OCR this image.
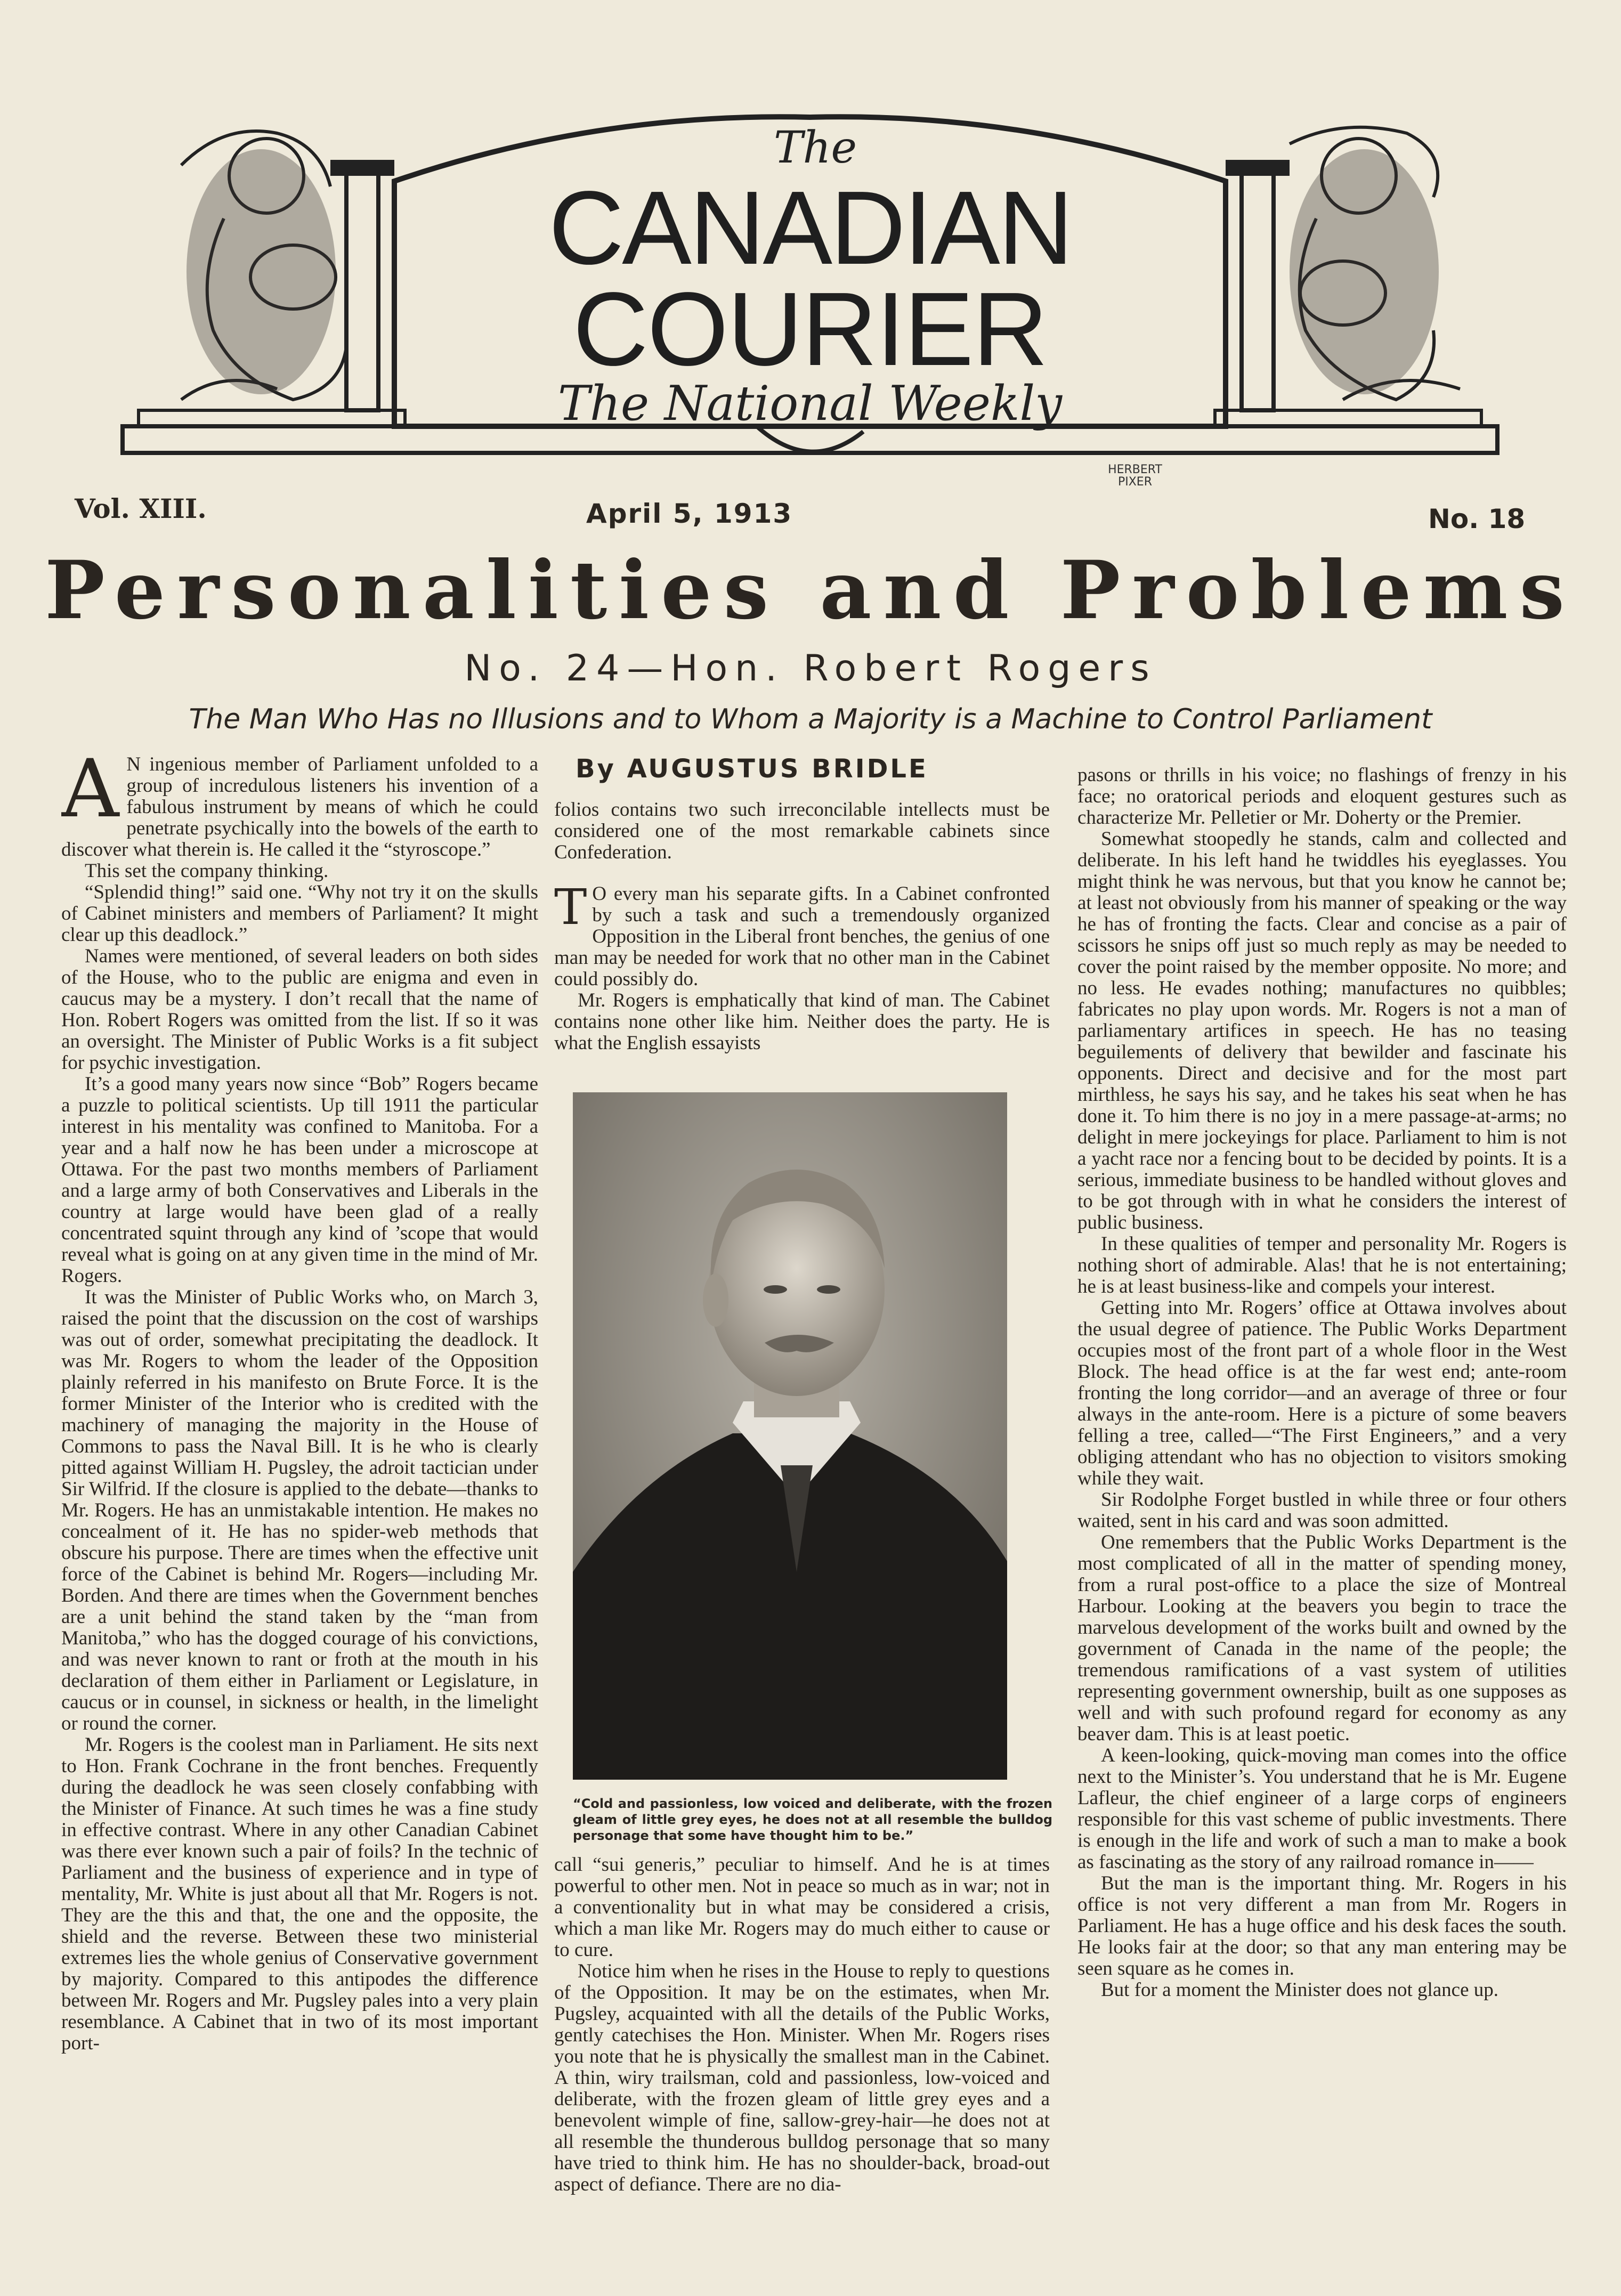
The
CANADIAN
COURIER
The National Weekly
HERBERT PIXER
Vol. XIII.	April 5, 1913	No. 18
Personalities and Problems
No. 24—Hon. Robert Rogers
The Man Who Has no Illusions and to Whom a Majority is a Machine to Control Parliament
By AUGUSTUS BRIDLE

A N ingenious member of Parliament unfolded to a group of incredulous listeners his invention of a fabulous instrument by means of which he could penetrate psychically into the bowels of the earth to discover what therein is. He called it the “styroscope.”

This set the company thinking.

“Splendid thing!” said one. “Why not try it on the skulls of Cabinet ministers and members of Parliament? It might clear up this deadlock.”

Names were mentioned, of several leaders on both sides of the House, who to the public are enigma and even in caucus may be a mystery. I don’t recall that the name of Hon. Robert Rogers was omitted from the list. If so it was an oversight. The Minister of Public Works is a fit subject for psychic investigation.

It’s a good many years now since “Bob” Rogers became a puzzle to political scientists. Up till 1911 the particular interest in his mentality was confined to Manitoba. For a year and a half now he has been under a microscope at Ottawa. For the past two months members of Parliament and a large army of both Conservatives and Liberals in the country at large would have been glad of a really concentrated squint through any kind of ’scope that would reveal what is going on at any given time in the mind of Mr. Rogers.

It was the Minister of Public Works who, on March 3, raised the point that the discussion on the cost of warships was out of order, somewhat precipitating the deadlock. It was Mr. Rogers to whom the leader of the Opposition plainly referred in his manifesto on Brute Force. It is the former Minister of the Interior who is credited with the machinery of managing the majority in the House of Commons to pass the Naval Bill. It is he who is clearly pitted against William H. Pugsley, the adroit tactician under Sir Wilfrid. If the closure is applied to the debate—thanks to Mr. Rogers. He has an unmistakable intention. He makes no concealment of it. He has no spider-web methods that obscure his purpose. There are times when the effective unit force of the Cabinet is behind Mr. Rogers—including Mr. Borden. And there are times when the Government benches are a unit behind the stand taken by the “man from Manitoba,” who has the dogged courage of his convictions, and was never known to rant or froth at the mouth in his declaration of them either in Parliament or Legislature, in caucus or in counsel, in sickness or health, in the limelight or round the corner.

Mr. Rogers is the coolest man in Parliament. He sits next to Hon. Frank Cochrane in the front benches. Frequently during the deadlock he was seen closely confabbing with the Minister of Finance. At such times he was a fine study in effective contrast. Where in any other Canadian Cabinet was there ever known such a pair of foils? In the technic of Parliament and the business of experience and in type of mentality, Mr. White is just about all that Mr. Rogers is not. They are the this and that, the one and the opposite, the shield and the reverse. Between these two ministerial extremes lies the whole genius of Conservative government by majority. Compared to this antipodes the difference between Mr. Rogers and Mr. Pugsley pales into a very plain resemblance. A Cabinet that in two of its most important port-

folios contains two such irreconcilable intellects must be considered one of the most remarkable cabinets since Confederation.

T O every man his separate gifts. In a Cabinet confronted by such a task and such a tremendously organized Opposition in the Liberal front benches, the genius of one man may be needed for work that no other man in the Cabinet could possibly do.

Mr. Rogers is emphatically that kind of man. The Cabinet contains none other like him. Neither does the party. He is what the English essayists

“Cold and passionless, low voiced and deliberate, with the frozen gleam of little grey eyes, he does not at all resemble the bulldog personage that some have thought him to be.”

call “sui generis,” peculiar to himself. And he is at times powerful to other men. Not in peace so much as in war; not in a conventionality but in what may be considered a crisis, which a man like Mr. Rogers may do much either to cause or to cure.

Notice him when he rises in the House to reply to questions of the Opposition. It may be on the estimates, when Mr. Pugsley, acquainted with all the details of the Public Works, gently catechises the Hon. Minister. When Mr. Rogers rises you note that he is physically the smallest man in the Cabinet. A thin, wiry trailsman, cold and passionless, low-voiced and deliberate, with the frozen gleam of little grey eyes and a benevolent wimple of fine, sallow-grey-hair—he does not at all resemble the thunderous bulldog personage that so many have tried to think him. He has no shoulder-back, broad-out aspect of defiance. There are no dia-

pasons or thrills in his voice; no flashings of frenzy in his face; no oratorical periods and eloquent gestures such as characterize Mr. Pelletier or Mr. Doherty or the Premier.

Somewhat stoopedly he stands, calm and collected and deliberate. In his left hand he twiddles his eyeglasses. You might think he was nervous, but that you know he cannot be; at least not obviously from his manner of speaking or the way he has of fronting the facts. Clear and concise as a pair of scissors he snips off just so much reply as may be needed to cover the point raised by the member opposite. No more; and no less. He evades nothing; manufactures no quibbles; fabricates no play upon words. Mr. Rogers is not a man of parliamentary artifices in speech. He has no teasing beguilements of delivery that bewilder and fascinate his opponents. Direct and decisive and for the most part mirthless, he says his say, and he takes his seat when he has done it. To him there is no joy in a mere passage-at-arms; no delight in mere jockeyings for place. Parliament to him is not a yacht race nor a fencing bout to be decided by points. It is a serious, immediate business to be handled without gloves and to be got through with in what he considers the interest of public business.

In these qualities of temper and personality Mr. Rogers is nothing short of admirable. Alas! that he is not entertaining; he is at least business-like and compels your interest.

Getting into Mr. Rogers’ office at Ottawa involves about the usual degree of patience. The Public Works Department occupies most of the front part of a whole floor in the West Block. The head office is at the far west end; ante-room fronting the long corridor—and an average of three or four always in the ante-room. Here is a picture of some beavers felling a tree, called—“The First Engineers,” and a very obliging attendant who has no objection to visitors smoking while they wait.

Sir Rodolphe Forget bustled in while three or four others waited, sent in his card and was soon admitted.

One remembers that the Public Works Department is the most complicated of all in the matter of spending money, from a rural post-office to a place the size of Montreal Harbour. Looking at the beavers you begin to trace the marvelous development of the works built and owned by the government of Canada in the name of the people; the tremendous ramifications of a vast system of utilities representing government ownership, built as one supposes as well and with such profound regard for economy as any beaver dam. This is at least poetic.

A keen-looking, quick-moving man comes into the office next to the Minister’s. You understand that he is Mr. Eugene Lafleur, the chief engineer of a large corps of engineers responsible for this vast scheme of public investments. There is enough in the life and work of such a man to make a book as fascinating as the story of any railroad romance in——

But the man is the important thing. Mr. Rogers in his office is not very different a man from Mr. Rogers in Parliament. He has a huge office and his desk faces the south. He looks fair at the door; so that any man entering may be seen square as he comes in.

But for a moment the Minister does not glance up.
